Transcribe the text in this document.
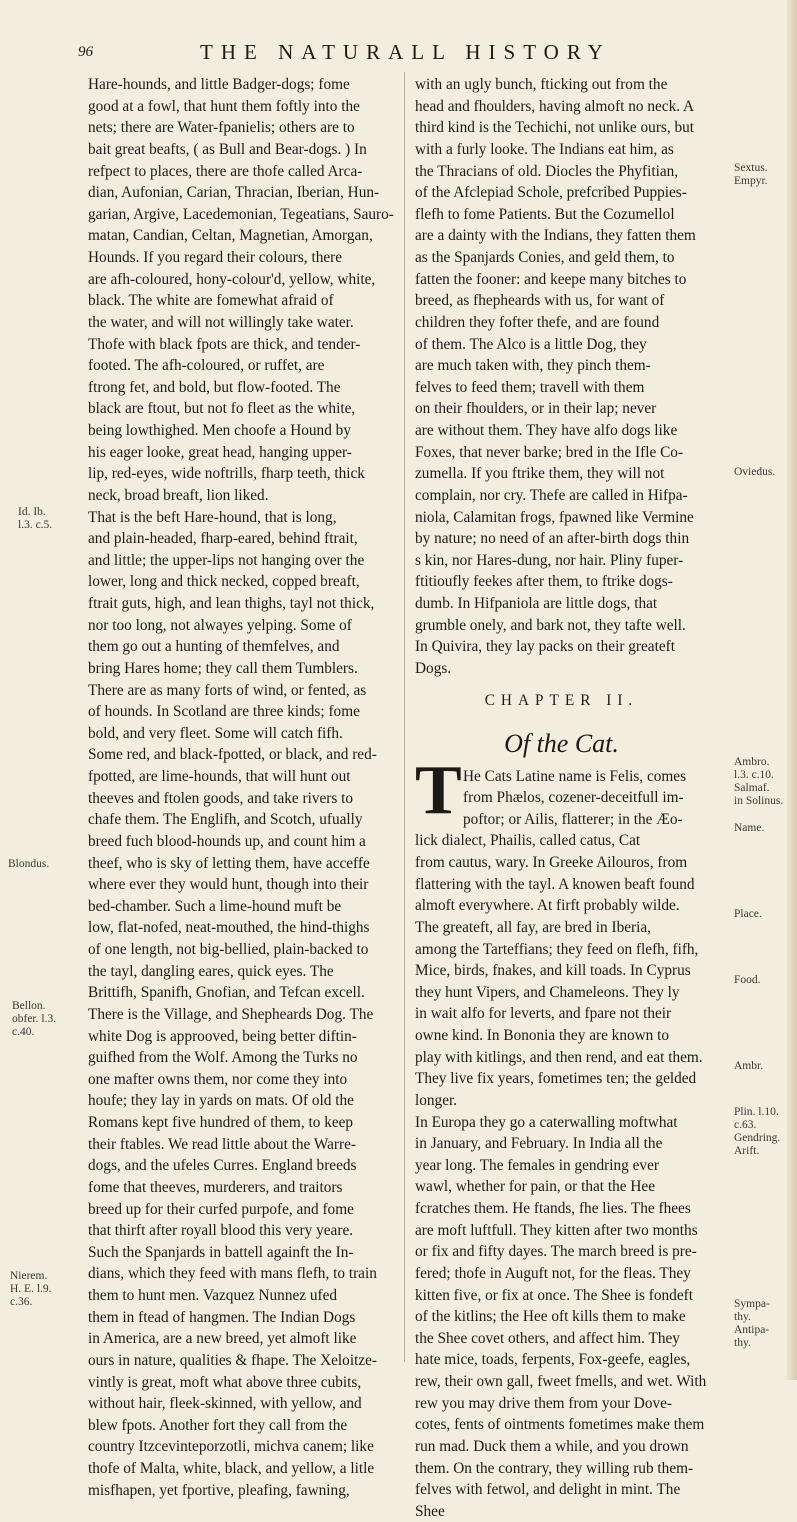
96	THE NATURALL HISTORY
Hare-hounds, and little Badger-dogs; fome
good at a fowl, that hunt them foftly into the
nets; there are Water-fpanielis; others are to
bait great beafts, ( as Bull and Bear-dogs. ) In
refpect to places, there are thofe called Arca-
dian, Aufonian, Carian, Thracian, Iberian, Hun-
garian, Argive, Lacedemonian, Tegeatians, Sauro-
matan, Candian, Celtan, Magnetian, Amorgan,
Hounds. If you regard their colours, there
are afh-coloured, hony-colour'd, yellow, white,
black. The white are fomewhat afraid of
the water, and will not willingly take water.
Thofe with black fpots are thick, and tender-
footed. The afh-coloured, or ruffet, are
ftrong fet, and bold, but flow-footed. The
black are ftout, but not fo fleet as the white,
being lowthighed. Men choofe a Hound by
his eager looke, great head, hanging upper-
lip, red-eyes, wide noftrills, fharp teeth, thick
neck, broad breaft, lion liked.
That is the beft Hare-hound, that is long,
and plain-headed, fharp-eared, behind ftrait,
and little; the upper-lips not hanging over the
lower, long and thick necked, copped breaft,
ftrait guts, high, and lean thighs, tayl not thick,
nor too long, not alwayes yelping. Some of
them go out a hunting of themfelves, and
bring Hares home; they call them Tumblers.
There are as many forts of wind, or fented, as
of hounds. In Scotland are three kinds; fome
bold, and very fleet. Some will catch fifh.
Some red, and black-fpotted, or black, and red-
fpotted, are lime-hounds, that will hunt out
theeves and ftolen goods, and take rivers to
chafe them. The Englifh, and Scotch, ufually
breed fuch blood-hounds up, and count him a
theef, who is sky of letting them, have acceffe
where ever they would hunt, though into their
bed-chamber. Such a lime-hound muft be
low, flat-nofed, neat-mouthed, the hind-thighs
of one length, not big-bellied, plain-backed to
the tayl, dangling eares, quick eyes. The
Brittifh, Spanifh, Gnofian, and Tefcan excell.
There is the Village, and Shepheards Dog. The
white Dog is approoved, being better diftin-
guifhed from the Wolf. Among the Turks no
one mafter owns them, nor come they into
houfe; they lay in yards on mats. Of old the
Romans kept five hundred of them, to keep
their ftables. We read little about the Warre-
dogs, and the ufeles Curres. England breeds
fome that theeves, murderers, and traitors
breed up for their curfed purpofe, and fome
that thirft after royall blood this very yeare.
Such the Spanjards in battell againft the In-
dians, which they feed with mans flefh, to train
them to hunt men. Vazquez Nunnez ufed
them in ftead of hangmen. The Indian Dogs
in America, are a new breed, yet almoft like
ours in nature, qualities & fhape. The Xeloitze-
vintly is great, moft what above three cubits,
without hair, fleek-skinned, with yellow, and
blew fpots. Another fort they call from the
country Itzcevinteporzotli, michva canem; like
thofe of Malta, white, black, and yellow, a litle
misfhapen, yet fportive, pleafing, fawning,
with an ugly bunch, fticking out from the
head and fhoulders, having almoft no neck. A
third kind is the Techichi, not unlike ours, but
with a furly looke. The Indians eat him, as
the Thracians of old. Diocles the Phyfitian,
of the Afclepiad Schole, prefcribed Puppies-
flefh to fome Patients. But the Cozumellol
are a dainty with the Indians, they fatten them
as the Spanjards Conies, and geld them, to
fatten the fooner: and keepe many bitches to
breed, as fhepheards with us, for want of
children they fofter thefe, and are found
of them. The Alco is a little Dog, they
are much taken with, they pinch them-
felves to feed them; travell with them
on their fhoulders, or in their lap; never
are without them. They have alfo dogs like
Foxes, that never barke; bred in the Ifle Co-
zumella. If you ftrike them, they will not
complain, nor cry. Thefe are called in Hifpa-
niola, Calamitan frogs, fpawned like Vermine
by nature; no need of an after-birth dogs thin
s kin, nor Hares-dung, nor hair. Pliny fuper-
ftitioufly feekes after them, to ftrike dogs-
dumb. In Hifpaniola are little dogs, that
grumble onely, and bark not, they tafte well.
In Quivira, they lay packs on their greateft
Dogs.
CHAPTER II.
Of the Cat.
He Cats Latine name is Felis, comes
from Phælos, cozener-deceitfull im-
poftor; or Ailis, flatterer; in the Æo-
lick dialect, Phailis, called catus, Cat
from cautus, wary. In Greeke Ailouros, from
flattering with the tayl. A knowen beaft found
almoft everywhere. At firft probably wilde.
The greateft, all fay, are bred in Iberia,
among the Tarteffians; they feed on flefh, fifh,
Mice, birds, fnakes, and kill toads. In Cyprus
they hunt Vipers, and Chameleons. They ly
in wait alfo for leverts, and fpare not their
owne kind. In Bononia they are known to
play with kitlings, and then rend, and eat them.
They live fix years, fometimes ten; the gelded
longer.
In Europa they go a caterwalling moftwhat
in January, and February. In India all the
year long. The females in gendring ever
wawl, whether for pain, or that the Hee
fcratches them. He ftands, fhe lies. The fhees
are moft luftfull. They kitten after two months
or fix and fifty dayes. The march breed is pre-
fered; thofe in Auguft not, for the fleas. They
kitten five, or fix at once. The Shee is fondeft
of the kitlins; the Hee oft kills them to make
the Shee covet others, and affect him. They
hate mice, toads, ferpents, Fox-geefe, eagles,
rew, their own gall, fweet fmells, and wet. With
rew you may drive them from your Dove-
cotes, fents of ointments fometimes make them
run mad. Duck them a while, and you drown
them. On the contrary, they willing rub them-
felves with fetwol, and delight in mint. The
Shee
T
Id. Ib.
l.3. c.5.
Blondus.
Bellon.
obfer. l.3.
c.40.
Nierem.
H. E. l.9.
c.36.
Sextus.
Empyr.
Oviedus.
Ambro.
l.3. c.10.
Salmaf.
in Solinus.
Name.
Place.
Food.
Ambr.
Plin. l.10.
c.63.
Gendring.
Arift.
Sympa-
thy.
Antipa-
thy.
